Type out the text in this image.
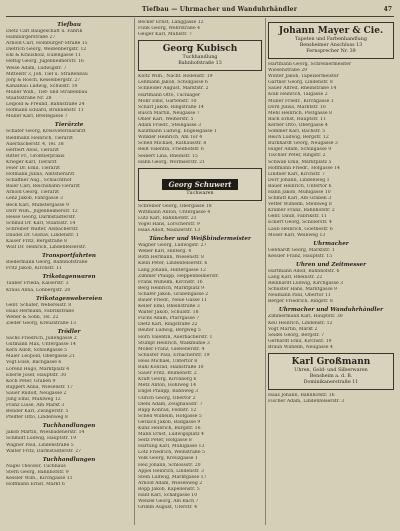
Tiefbau — Uhrmacher und Wanduhrhändler	47
Tiefbau
Dietz Carl Baugeschäft u. Fabrik
Hamburgerstraße 27
Arnold Carl, Homburger-Straße 15
Dietrich Georg, Weißenbergstr. 12
Ehl & Krausholz, Eulengasse 11
Heftig Georg, Jugenheimerstr. 16
Weise Adam, Ludwigstr. 7
Mittelstr 3, Joh. Tief u. Straßenbau
Jörg & Rösch, Kesselbergstr. 27
Kanalbau Ludwig, Schulstr. 10
Müller Wilh., Tief- und Straßenbau
Staatsstraße Nr. 28
Leipold & Freund, Bahnstraße 24
Hofmann Eduard, Brunnenstr. 11
Müller Karl, Breitegasse 7
Tierärzte
Schäfer Georg, Kreisveterinärarzt
Riedmann Heinrich, Tierarzt
Auerbacherstr. 4, Tel. 38
Herbert Alois, Tierarzt
Ritter Fr., Großtierpraxis
Krieger Karl, Tierarzt
Feier Dr. Emil, Tierarzt
Hofmann Julius, Amtstierarzt
Schaffner Aug., Schlachthof
Baier Carl, Reichsbahn-Tierarzt
Arnold Georg, Tierarzt
Lenz Jakob, Fahrgasse 3
Beck Karl, Münstergasse 9
Dörr Wilh., Jugenheimerstr. 12
Hesse Georg, Darmstädterstr.
Schmid Dr. Karl, Staatsstr. 14
Schreiber Walter, Alsbacherstr.
Daudel Dr. Gustav, Lindenstr. 1
Kaiser Fritz, Bergstraße 8
Wolf Dr. Heinrich, Lindenfelserstr.
Transportfahrten
Biedermann Georg, Bahnhofstraße
Fritz Jakob, Kirchstr. 11
Trikotagenwaren
Tauber Frieda, Kaiserstr. 3
Kraus Anna, Lohbergstr. 20
Trikotagenwebereien
Gebr. Schäfer, Webereistr. 8
Haas Hermann, Fabrikstraße
Weber & Sohn, Tel. 22
Zieder Georg, Kreuzstraße 13
Trödler
Sachs Friedrich, Judengasse 2
Gutmann Max, Untergasse 14
Kern Adolf, Schloßgasse 5
Maier Leopold, Obergasse 21
Vogt Elise, Bachgasse 6
Lorenz Hugo, Marktplatz 4
Eberle Josef, Hauptstr. 30
Koch Peter, Graben 9
Ruppert Anna, Wiesenstr. 17
Sauer Rudolf, Neugasse 2
Jung Emil, Mühlweg 12
Franz Luise, Am Markt 3
Bender Karl, Zwingerstr. 5
Pfeiffer Otto, Lindenweg 8
Tuchhandlungen
Jakob Martin, Wiesbadenerstr. 14
Schmidt Ludwig, Hauptstr. 19
Wagner Paul, Lindenstraße 5
Walter Fritz, Darmstädterstr. 27
Tuchhandlungen
Nagel Theodor, Tuchhaus
Stern Georg, Bahnhofstr. 9
Kessler Wilh., Kirchgasse 11
Hoffmann Ernst, Markt 6
Becker Ernst, Langgasse 12
Funk Georg, Wehrstraße 4
Geiger Karl, Mühlstr. 7
Georg Kubisch
Tuchhandlung
Bahnhofstraße 13
Klotz Wilh., Nachf. Rodenstr. 19
Lehmann Jakob, Schulgasse 6
Schneider August, Marktstr. 2
Hartmann Otto, Tuchlager
Mohr Emil, Gartenstr. 10
Scharf Jakob, Ringstraße 14
Busch Martin, Neugasse 7
Ohler Karl, Weiherstr. 5
Adam Friedr., Steingasse 3
Kaufmann Ludwig, Engelsgasse 1
Winkler Heinrich, Am Tor 4
Schell Michael, Rathausstr. 8
Reiß Valentin, Friedhofstr. 6
Seibert Lina, Rheinstr. 15
Hahn Georg, Wormserstr. 21
Georg Schuwert
Tuchwaren
Schreiber Georg, Obergasse 18
Wittmann Anton, Untergasse 4
Lutz Karl, Bahnhofstr. 21
Vogel Hans, Lorscherstr. 9
Haas Adolf, Mainzerstr. 13
Tüncher und Weißbindermeister
Wagner Georg, Ludwigstr. 27
Weber Karl, Hinterg. 4
Roth Hermann, Wiesenstr. 8
Klein Peter, Lindenfelserstr. 6
Lang Johann, Hintergasse 12
Zimmer Philipp, Heppenheimerstr.
Frank Wilhelm, Kirchstr. 16
Berg Heinrich, Marktplatz 9
Schäfer Jakob, Grabengasse 2
Bauer Friedr., Neue Gasse 11
Keller Emil, Rheinstraße 3
Walter Jakob, Schulstr. 18
Fuchs Adam, Pfarrgasse 7
Dietz Karl, Ringstraße 22
Reuter Ludwig, Bergweg 5
Horn Valentin, Auerbacherstr. 1
Stumpf Heinrich, Walkmühle 3
Möller Franz, Gießenerstr. 4
Schuster Paul, Erbacherstr. 19
Hess Michael, Untertor 8
Rühl Konrad, Hainstraße 10
Sauer Fritz, Blumenstr. 2
Kraft Georg, Kirchberg 6
Metz Anton, Hohlweg 14
Engel Philipp, Bahnweg 3
Ullrich Georg, Obertor 2
Diehl Adam, Zeughausstr. 7
Rupp Konrad, Feldstr. 12
Schell Wilhelm, Hofgasse 5
Gerlach Jakob, Badgasse 9
Kunz Heinrich, Burgstr. 16
Mann Ernst, Ludwigsplatz 4
Seitz Peter, Hofgasse 8
Hartung Karl, Mühlgasse 13
Lotz Friedrich, Weinstraße 5
Volk Georg, Kreuzgasse 1
Heil Johann, Schlossstr. 20
Appel Heinrich, Lindenstr. 3
Stein Ludwig, Marktgasse 17
Arnold Adam, Wiesenweg 2
Bopp Jakob, Kapellenstr. 5
Hanf Karl, Schafgasse 10
Wenzel Georg, Am Bach 7
Grimm August, Uferstr. 4
Johann Mayer & Cie.
Tapeten und Farbenhandlung
Bensheimer Anschluss 13
Fernsprecher Nr. 39
Hartmann Georg, Schreinermeister
Wiesenstraße 29
Winter Jakob, Tapeziermeister
Gärtner Georg, Lindenstr. 8
Sauer Alfred, Rheinstraße 14
Kolb Heinrich, Talgasse 2
Müller Friedr., Kirchgasse 1
Dorn Julius, Marktstr. 16
Mehl Heinrich, Postgasse 8
Bach Ernst, Hauptstr. 11
Kerber Otto, Obergasse 4
Sommer Karl, Bachstr. 5
Reich Ludwig, Bergstr. 12
Burkhardt Georg, Neugasse 3
Hilger Adam, Schulgasse 9
Tischler Peter, Ringstr. 2
Schwab Emil, Marktplatz 5
Hoffmann Friedr., Hofgasse 14
Lindner Karl, Kirchstr. 7
Dörr Johann, Lindenweg 1
Bauer Heinrich, Untertor 6
Hahn Jakob, Mühlgasse 10
Schmitt Karl, Am Graben 3
Vetter Wilhelm, Steinweg 8
Krämer Franz, Bahnhofstr. 2
Gebr. Daub, Fabrikstr. 11
Eckert Georg, Schillerstr. 4
Laub Heinrich, Goethestr. 6
Möser Karl, Weinweg 13
Uhrmacher
Gebhardt Georg, Marktstr. 1
Kessler Franz, Hauptstr. 15
Uhren und Zeitmesser
Hartmann Adolf, Bahnhofstr. 6
Lang Karl, Rheinstr. 22
Reinhardt Ludwig, Kirchgasse 3
Schuster Hans, Marktgasse 9
Neumann Paul, Obertor 11
Berger Friedrich, Ringstr. 8
Uhrmacher und Wanduhrhändler
Zimmermann Karl, Hauptstr. 30
Keil Heinrich, Lindenstr. 12
Vogt Martin, Markt 2
Seidel Georg, Bergstr. 7
Gerhardt Emil, Kirchstr. 19
Braun Wilhelm, Neugasse 4
Karl Großmann
Uhren, Gold- und Silberwaren
Bensheim a. d. B.
Dominikanerstraße 11
Haas Johann, Bahnhofstr. 16
Fischer Adam, Lindenfelserstr. 3
